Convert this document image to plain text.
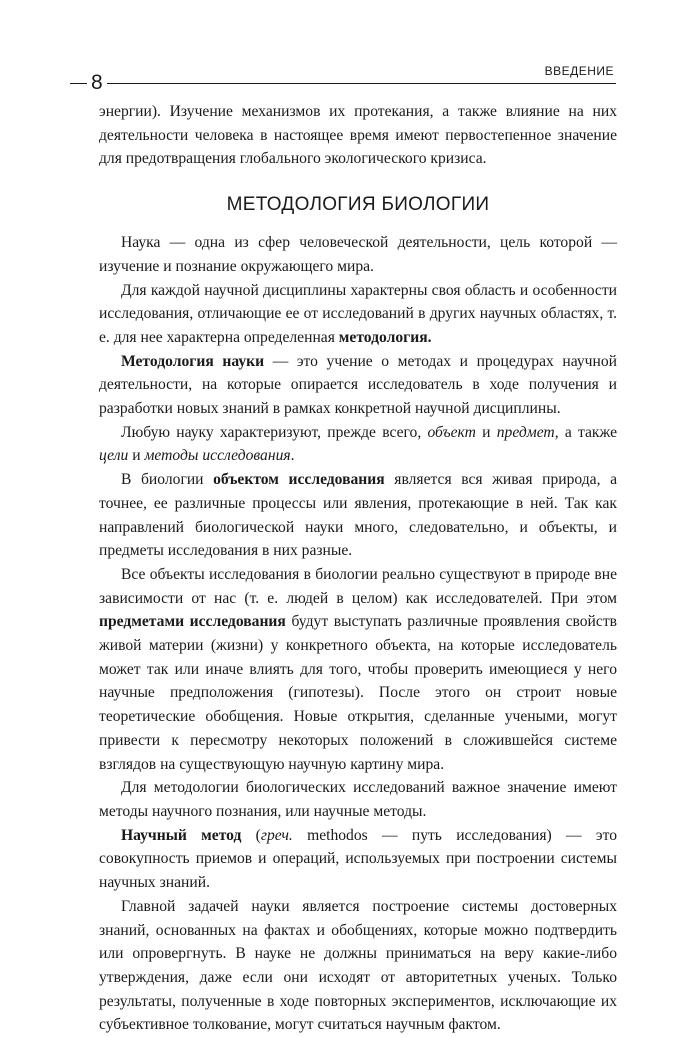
ВВЕДЕНИЕ
8

энергии). Изучение механизмов их протекания, а также влияние на них деятельности человека в настоящее время имеют первостепенное значение для предотвращения глобального экологического кризиса.

МЕТОДОЛОГИЯ БИОЛОГИИ

Наука — одна из сфер человеческой деятельности, цель которой — изучение и познание окружающего мира.

Для каждой научной дисциплины характерны своя область и особенности исследования, отличающие ее от исследований в других научных областях, т. е. для нее характерна определенная методология.

Методология науки — это учение о методах и процедурах научной деятельности, на которые опирается исследователь в ходе получения и разработки новых знаний в рамках конкретной научной дисциплины.

Любую науку характеризуют, прежде всего, объект и предмет, а также цели и методы исследования.

В биологии объектом исследования является вся живая природа, а точнее, ее различные процессы или явления, протекающие в ней. Так как направлений биологической науки много, следовательно, и объекты, и предметы исследования в них разные.

Все объекты исследования в биологии реально существуют в природе вне зависимости от нас (т. е. людей в целом) как исследователей. При этом предметами исследования будут выступать различные проявления свойств живой материи (жизни) у конкретного объекта, на которые исследователь может так или иначе влиять для того, чтобы проверить имеющиеся у него научные предположения (гипотезы). После этого он строит новые теоретические обобщения. Новые открытия, сделанные учеными, могут привести к пересмотру некоторых положений в сложившейся системе взглядов на существующую научную картину мира.

Для методологии биологических исследований важное значение имеют методы научного познания, или научные методы.

Научный метод (греч. methodos — путь исследования) — это совокупность приемов и операций, используемых при построении системы научных знаний.

Главной задачей науки является построение системы достоверных знаний, основанных на фактах и обобщениях, которые можно подтвердить или опровергнуть. В науке не должны приниматься на веру какие-либо утверждения, даже если они исходят от авторитетных ученых. Только результаты, полученные в ходе повторных экспериментов, исключающие их субъективное толкование, могут считаться научным фактом.
